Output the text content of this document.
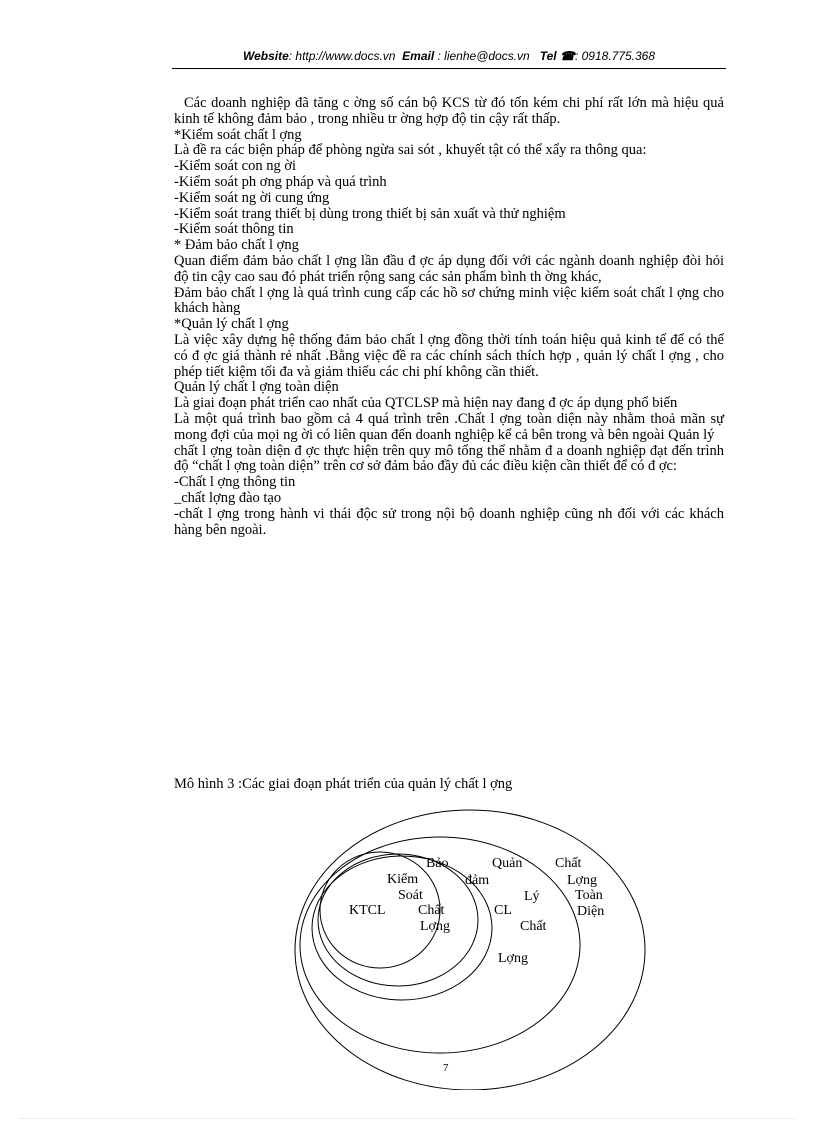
Website: http://www.docs.vn Email : lienhe@docs.vn Tel ☎: 0918.775.368

Các doanh nghiệp đã tăng c ờng số cán bộ KCS từ đó tốn kém chi phí rất lớn mà hiệu quả kinh tế không đảm bảo , trong nhiều tr ờng hợp độ tin cậy rất thấp.

*Kiểm soát chất l ợng

Là đề ra các biện pháp để phòng ngừa sai sót , khuyết tật có thể xẩy ra thông qua:

-Kiểm soát con ng ời

-Kiểm soát ph ơng pháp và quá trình

-Kiểm soát ng ời cung ứng

-Kiểm soát trang thiết bị dùng trong thiết bị sản xuất và thử nghiệm

-Kiểm soát thông tin

* Đảm bảo chất l ợng

Quan điểm đảm bảo chất l ợng lần đầu đ ợc áp dụng đối với các ngành doanh nghiệp đòi hỏi độ tin cậy cao sau đó phát triển rộng sang các sản phẩm bình th ờng khác,

Đảm bảo chất l ợng là quá trình cung cấp các hồ sơ chứng minh việc kiểm soát chất l ợng cho khách hàng

*Quản lý chất l ợng

Là việc xây dựng hệ thống đảm bảo chất l ợng đồng thời tính toán hiệu quả kinh tế để có thể có đ ợc giá thành rẻ nhất .Bằng việc đề ra các chính sách thích hợp , quản lý chất l ợng , cho phép tiết kiệm tối đa và giảm thiểu các chi phí không cần thiết.

Quản lý chất l ợng toàn diện

Là giai đoạn phát triển cao nhất của QTCLSP mà hiện nay đang đ ợc áp dụng phổ biến

Là một quá trình bao gồm cả 4 quá trình trên .Chất l ợng toàn diện này nhằm thoả mãn sự mong đợi của mọi ng ời có liên quan đến doanh nghiệp kể cả bên trong và bên ngoài Quản lý

chất l ợng toàn diện đ ợc thực hiện trên quy mô tổng thể nhằm đ a doanh nghiệp đạt đến trình độ “chất l ợng toàn diện” trên cơ sở đảm bảo đầy đủ các điều kiện cần thiết để có đ ợc:

-Chất l ợng thông tin

_chất lợng đào tạo

-chất l ợng trong hành vi thái độc sử trong nội bộ doanh nghiệp cũng nh đối với các khách hàng bên ngoài.

Mô hình 3 :Các giai đoạn phát triển của quản lý chất l ợng
KTCL
Kiểm
Soát
Chất
Lợng
Bảo
đảm
CL
Quản
Lý
Chất
Lợng
Chất
Lợng
Toàn
Diện
7
